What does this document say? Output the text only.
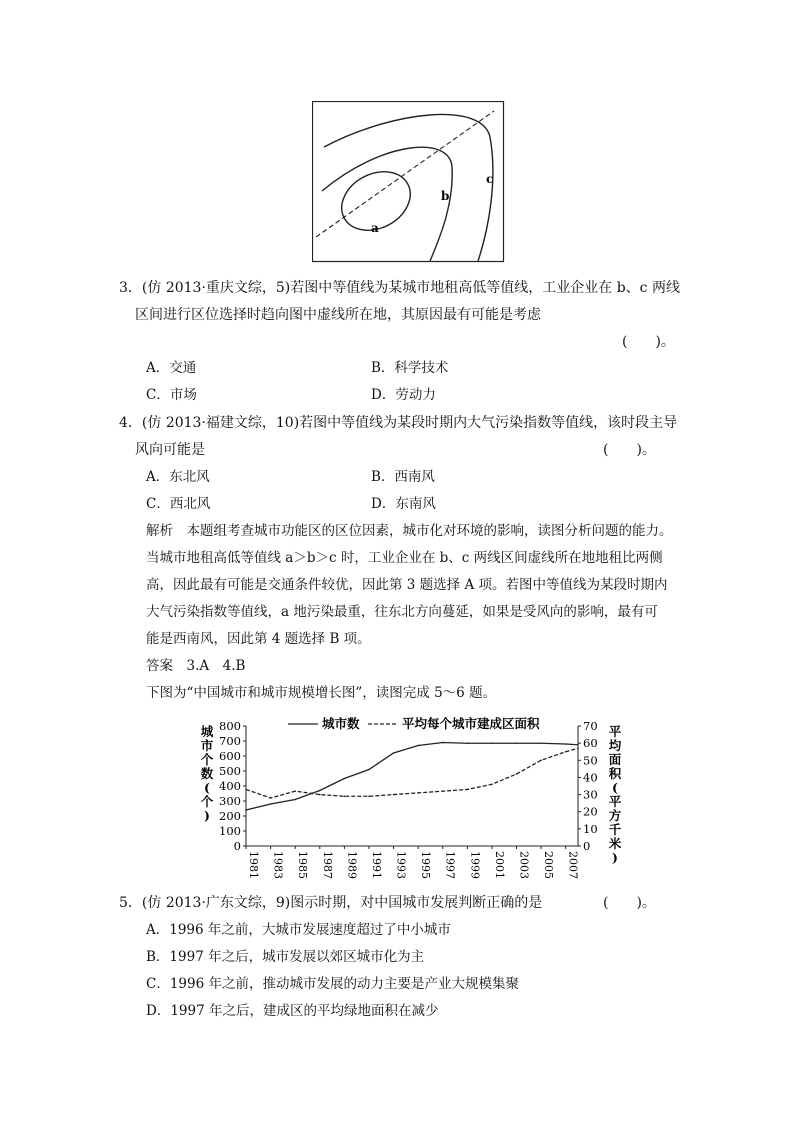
a
b
c
3．(仿 2013·重庆文综，5)若图中等值线为某城市地租高低等值线，工业企业在 b、c 两线
区间进行区位选择时趋向图中虚线所在地，其原因最有可能是考虑
(　　)。
A．交通	B．科学技术
C．市场	D．劳动力
4．(仿 2013·福建文综，10)若图中等值线为某段时期内大气污染指数等值线，该时段主导
风向可能是	(　　)。
A．东北风	B．西南风
C．西北风	D．东南风
解析　本题组考查城市功能区的区位因素，城市化对环境的影响，读图分析问题的能力。
当城市地租高低等值线 a＞b＞c 时，工业企业在 b、c 两线区间虚线所在地地租比两侧
高，因此最有可能是交通条件较优，因此第 3 题选择 A 项。若图中等值线为某段时期内
大气污染指数等值线，a 地污染最重，往东北方向蔓延，如果是受风向的影响，最有可
能是西南风，因此第 4 题选择 B 项。
答案　3.A　4.B
下图为“中国城市和城市规模增长图”，读图完成 5～6 题。
城市数	平均每个城市建成区面积
0
100
200
300
400
500
600
700
800
0
10
20
30
40
50
60
70
1981 1983 1985 1987 1989 1991 1993 1995 1997 1999 2001 2003 2005 2007
城
市
个
数
(
个
)
平
均
面
积
(
平
方
千
米
)
5．(仿 2013·广东文综，9)图示时期，对中国城市发展判断正确的是	(　　)。
A．1996 年之前，大城市发展速度超过了中小城市
B．1997 年之后，城市发展以郊区城市化为主
C．1996 年之前，推动城市发展的动力主要是产业大规模集聚
D．1997 年之后，建成区的平均绿地面积在减少
